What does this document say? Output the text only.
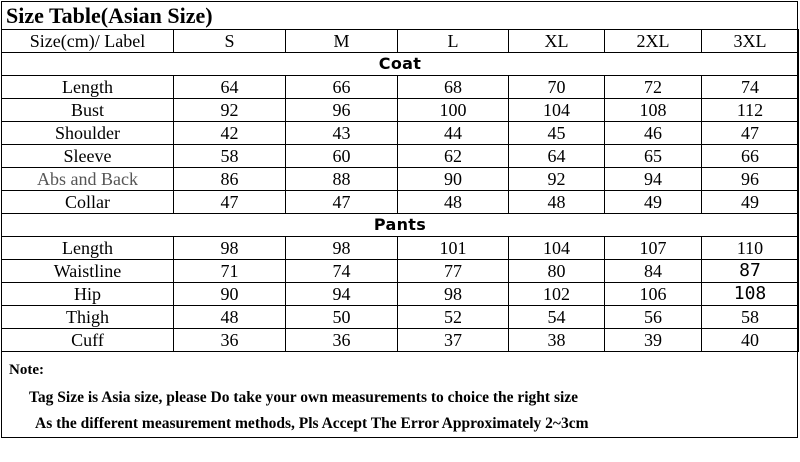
Size Table(Asian Size)
Size(cm)/ Label	S	M	L	XL	2XL	3XL
Coat						
Length	64	66	68	70	72	74
Bust	92	96	100	104	108	112
Shoulder	42	43	44	45	46	47
Sleeve	58	60	62	64	65	66
Abs and Back	86	88	90	92	94	96
Collar	47	47	48	48	49	49
Pants						
Length	98	98	101	104	107	110
Waistline	71	74	77	80	84	87
Hip	90	94	98	102	106	108
Thigh	48	50	52	54	56	58
Cuff	36	36	37	38	39	40
Note:
Tag Size is Asia size, please Do take your own measurements to choice the right size
As the different measurement methods, Pls Accept The Error Approximately 2~3cm
